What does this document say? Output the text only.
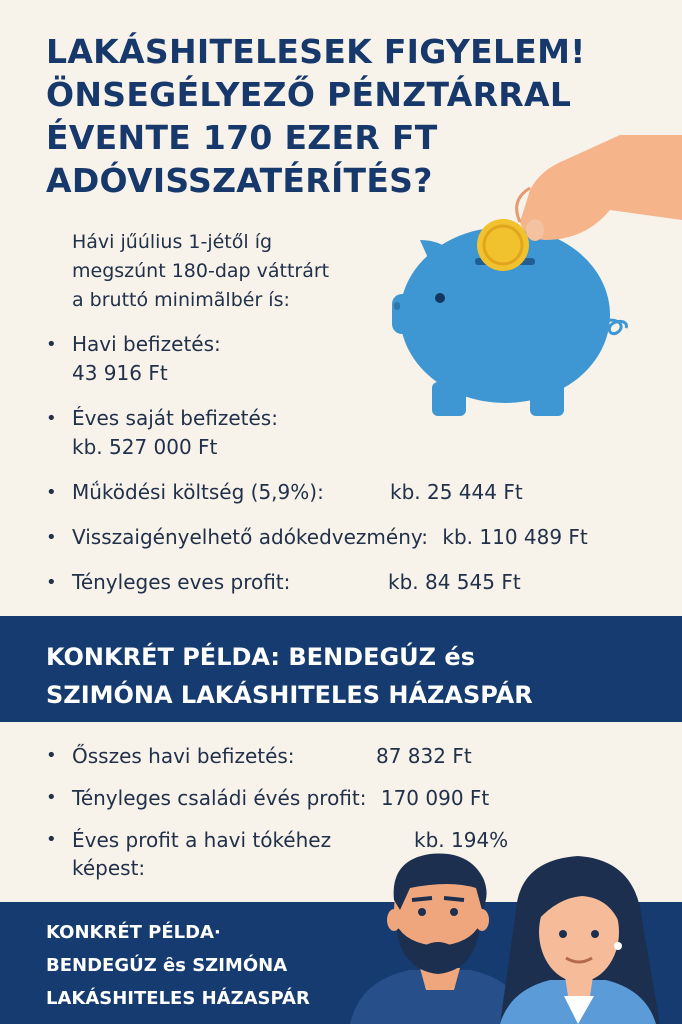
LAKÁSHITELESEK FIGYELEM!
ÖNSEGÉLYEZŐ PÉNZTÁRRAL
ÉVENTE 170 EZER FT
ADÓVISSZATÉRÍTÉS?
Hávi jűúlius 1-jétől íg
megszúnt 180-dap váttrárt
a bruttó minimãlbér ís:
• Havi befizetés:
43 916 Ft
• Éves saját befizetés:
kb. 527 000 Ft
• Mǘködési költség (5,9%):	kb. 25 444 Ft
• Visszaigényelhető adókedvezmény: kb. 110 489 Ft
• Tényleges eves profit:	kb. 84 545 Ft
KONKRÉT PÉLDA: BENDEGÚZ és
SZIMÓNA LAKÁSHITELES HÁZASPÁR
• Ősszes havi befizetés:	87 832 Ft
• Tényleges családi évés profit: 170 090 Ft
• Éves profit a havi tókéhez	kb. 194%
képest:
KONKRÉT PÉLDA·
BENDEGÚZ ȇs SZIMÓNA
LAKÁSHITELES HÁZASPÁR
